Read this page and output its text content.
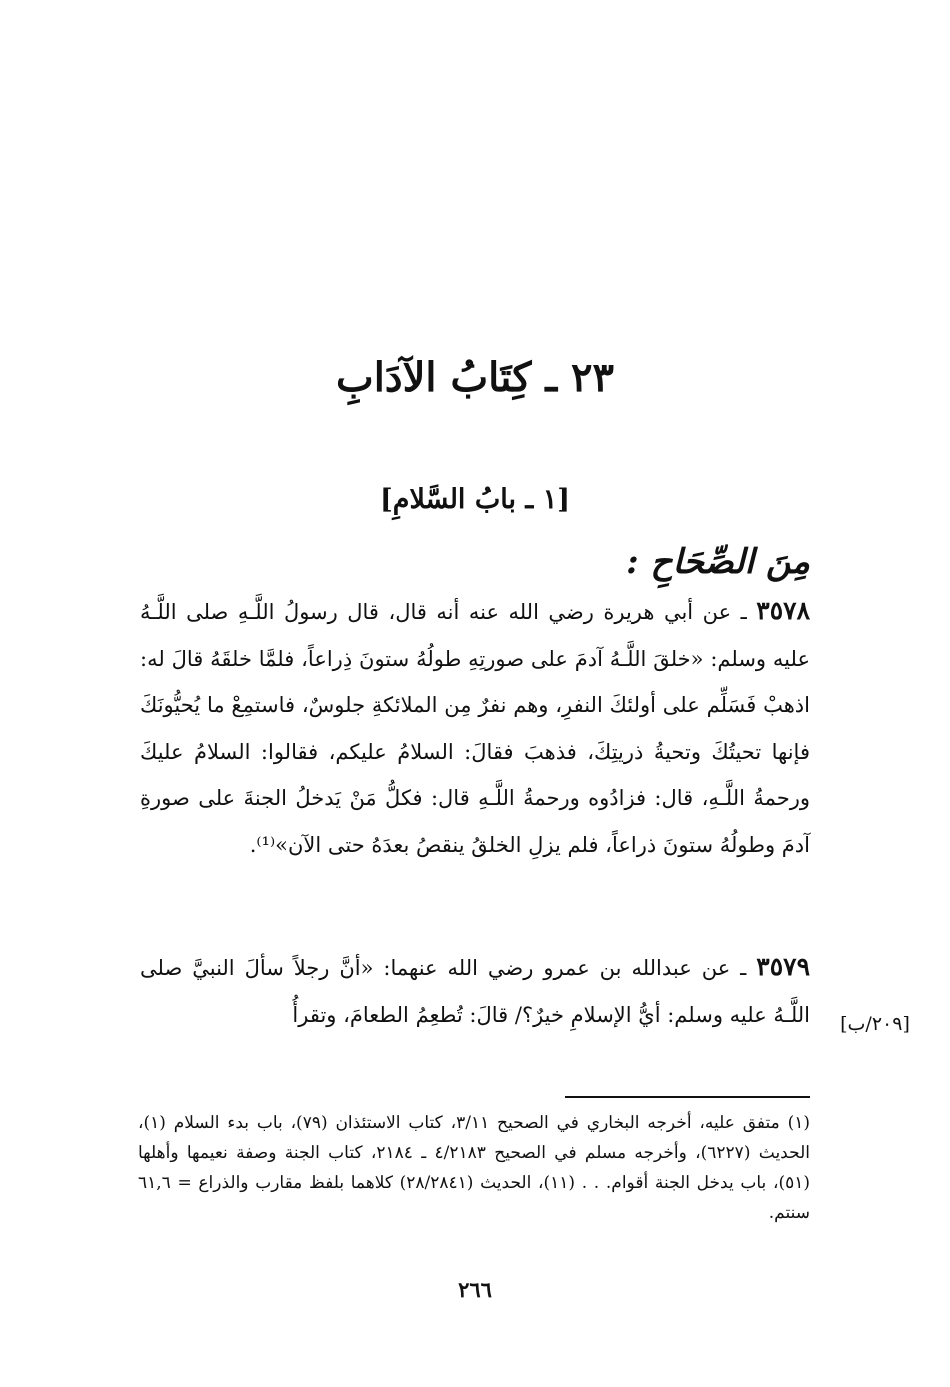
٢٣ ـ كِتَابُ الآدَابِ
[١ ـ بابُ السَّلامِ]
مِنَ الصِّحَاحِ :
٣٥٧٨ ـ عن أبي هريرة رضي الله عنه أنه قال، قال رسولُ اللَّـهِ صلى اللَّـهُ عليه وسلم: «خلقَ اللَّـهُ آدمَ على صورتِهِ طولُهُ ستونَ ذِراعاً، فلمَّا خلقَهُ قالَ له: اذهبْ فَسَلِّم على أولئكَ النفرِ، وهم نفرٌ مِن الملائكةِ جلوسٌ، فاستمِعْ ما يُحيُّونَكَ فإنها تحيتُكَ وتحيةُ ذريتِكَ، فذهبَ فقالَ: السلامُ عليكم، فقالوا: السلامُ عليكَ ورحمةُ اللَّـهِ، قال: فزادُوه ورحمةُ اللَّـهِ قال: فكلُّ مَنْ يَدخلُ الجنةَ على صورةِ آدمَ وطولُهُ ستونَ ذراعاً، فلم يزلِ الخلقُ ينقصُ بعدَهُ حتى الآن»⁽¹⁾.
٣٥٧٩ ـ عن عبدالله بن عمرو رضي الله عنهما: «أنَّ رجلاً سألَ النبيَّ صلى اللَّـهُ عليه وسلم: أيُّ الإسلامِ خيرٌ؟/ قالَ: تُطعِمُ الطعامَ، وتقرأُ	[٢٠٩/ب]
(١) متفق عليه، أخرجه البخاري في الصحيح ٣/١١، كتاب الاستئذان (٧٩)، باب بدء السلام (١)، الحديث (٦٢٢٧)، وأخرجه مسلم في الصحيح ٤/٢١٨٣ ـ ٢١٨٤، كتاب الجنة وصفة نعيمها وأهلها (٥١)، باب يدخل الجنة أقوام. . . (١١)، الحديث (٢٨/٢٨٤١) كلاهما بلفظ مقارب والذراع = ٦١,٦ سنتم.
٢٦٦
